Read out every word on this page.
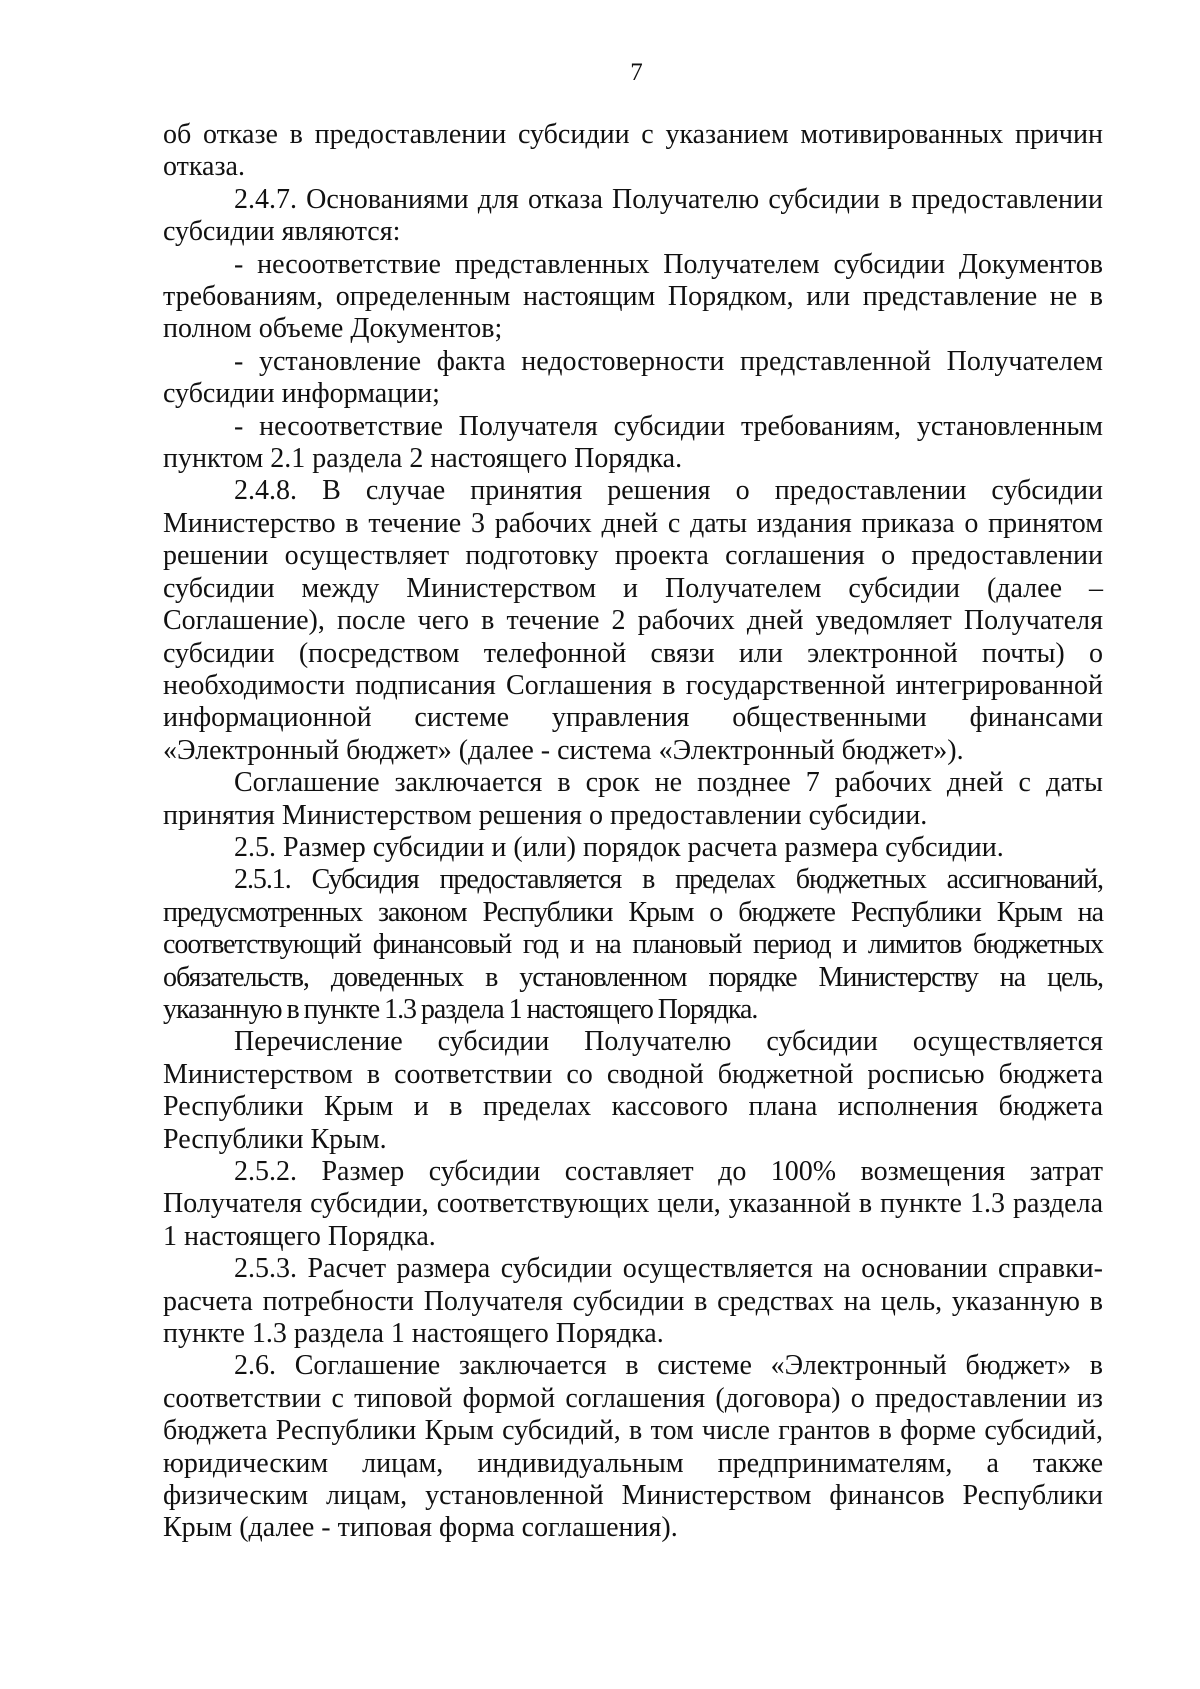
7

об отказе в предоставлении субсидии с указанием мотивированных причин отказа.

2.4.7. Основаниями для отказа Получателю субсидии в предоставлении субсидии являются:

- несоответствие представленных Получателем субсидии Документов требованиям, определенным настоящим Порядком, или представление не в полном объеме Документов;

- установление факта недостоверности представленной Получателем субсидии информации;

- несоответствие Получателя субсидии требованиям, установленным пунктом 2.1 раздела 2 настоящего Порядка.

2.4.8. В случае принятия решения о предоставлении субсидии Министерство в течение 3 рабочих дней с даты издания приказа о принятом решении осуществляет подготовку проекта соглашения о предоставлении субсидии между Министерством и Получателем субсидии (далее – Соглашение), после чего в течение 2 рабочих дней уведомляет Получателя субсидии (посредством телефонной связи или электронной почты) о необходимости подписания Соглашения в государственной интегрированной информационной системе управления общественными финансами «Электронный бюджет» (далее - система «Электронный бюджет»).

Соглашение заключается в срок не позднее 7 рабочих дней с даты принятия Министерством решения о предоставлении субсидии.

2.5. Размер субсидии и (или) порядок расчета размера субсидии.

2.5.1. Субсидия предоставляется в пределах бюджетных ассигнований, предусмотренных законом Республики Крым о бюджете Республики Крым на соответствующий финансовый год и на плановый период и лимитов бюджетных обязательств, доведенных в установленном порядке Министерству на цель, указанную в пункте 1.3 раздела 1 настоящего Порядка.

Перечисление субсидии Получателю субсидии осуществляется Министерством в соответствии со сводной бюджетной росписью бюджета Республики Крым и в пределах кассового плана исполнения бюджета Республики Крым.

2.5.2. Размер субсидии составляет до 100% возмещения затрат Получателя субсидии, соответствующих цели, указанной в пункте 1.3 раздела 1 настоящего Порядка.

2.5.3. Расчет размера субсидии осуществляется на основании справки-расчета потребности Получателя субсидии в средствах на цель, указанную в пункте 1.3 раздела 1 настоящего Порядка.

2.6. Соглашение заключается в системе «Электронный бюджет» в соответствии с типовой формой соглашения (договора) о предоставлении из бюджета Республики Крым субсидий, в том числе грантов в форме субсидий, юридическим лицам, индивидуальным предпринимателям, а также физическим лицам, установленной Министерством финансов Республики Крым (далее - типовая форма соглашения).
